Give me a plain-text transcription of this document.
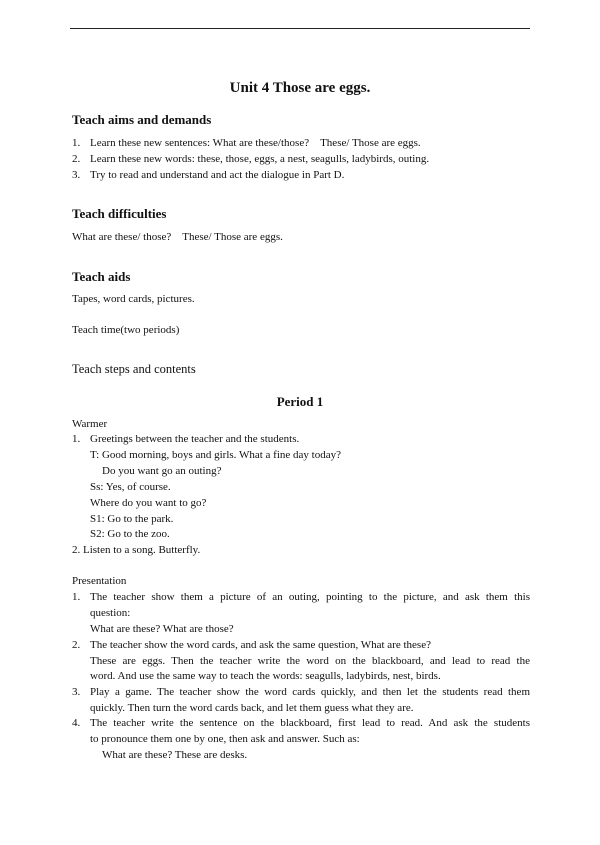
Unit 4 Those are eggs.
Teach aims and demands
1. Learn these new sentences: What are these/those?    These/ Those are eggs.
2. Learn these new words: these, those, eggs, a nest, seagulls, ladybirds, outing.
3. Try to read and understand and act the dialogue in Part D.
Teach difficulties
What are these/ those?    These/ Those are eggs.
Teach aids
Tapes, word cards, pictures.
Teach time(two periods)
Teach steps and contents
Period 1
Warmer
1. Greetings between the teacher and the students.
T: Good morning, boys and girls. What a fine day today?
Do you want go an outing?
Ss: Yes, of course.
Where do you want to go?
S1: Go to the park.
S2: Go to the zoo.
2. Listen to a song. Butterfly.
Presentation
1. The teacher show them a picture of an outing, pointing to the picture, and ask them this
question:
What are these? What are those?
2. The teacher show the word cards, and ask the same question, What are these?
These are eggs. Then the teacher write the word on the blackboard, and lead to read the
word. And use the same way to teach the words: seagulls, ladybirds, nest, birds.
3. Play a game. The teacher show the word cards quickly, and then let the students read them
quickly. Then turn the word cards back, and let them guess what they are.
4. The teacher write the sentence on the blackboard, first lead to read. And ask the students
to pronounce them one by one, then ask and answer. Such as:
What are these? These are desks.
